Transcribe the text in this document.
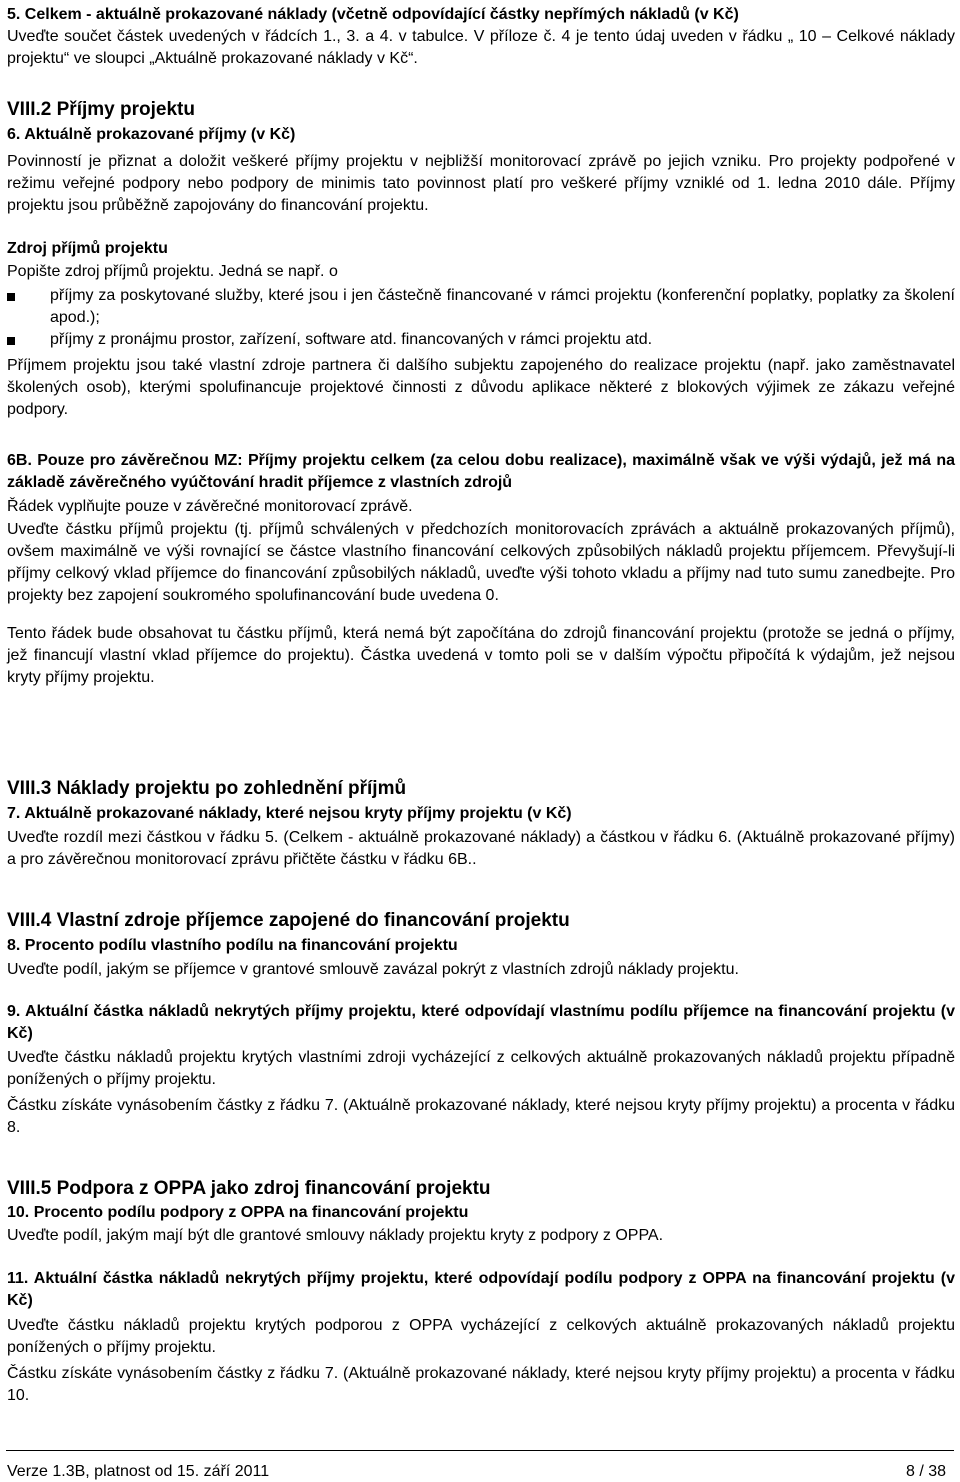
5. Celkem - aktuálně prokazované náklady (včetně odpovídající částky nepřímých nákladů (v Kč)

Uveďte součet částek uvedených v řádcích 1., 3. a 4. v tabulce. V příloze č. 4 je tento údaj uveden v řádku „ 10 – Celkové náklady projektu“ ve sloupci „Aktuálně prokazované náklady v Kč“.

VIII.2 Příjmy projektu

6. Aktuálně prokazované příjmy (v Kč)

Povinností je přiznat a doložit veškeré příjmy projektu v nejbližší monitorovací zprávě po jejich vzniku. Pro projekty podpořené v režimu veřejné podpory nebo podpory de minimis tato povinnost platí pro veškeré příjmy vzniklé od 1. ledna 2010 dále. Příjmy projektu jsou průběžně zapojovány do financování projektu.

Zdroj příjmů projektu

Popište zdroj příjmů projektu. Jedná se např. o

příjmy za poskytované služby, které jsou i jen částečně financované v rámci projektu (konferenční poplatky, poplatky za školení apod.);

příjmy z pronájmu prostor, zařízení, software atd. financovaných v rámci projektu atd.

Příjmem projektu jsou také vlastní zdroje partnera či dalšího subjektu zapojeného do realizace projektu (např. jako zaměstnavatel školených osob), kterými spolufinancuje projektové činnosti z důvodu aplikace některé z blokových výjimek ze zákazu veřejné podpory.

6B. Pouze pro závěrečnou MZ: Příjmy projektu celkem (za celou dobu realizace), maximálně však ve výši výdajů, jež má na základě závěrečného vyúčtování hradit příjemce z vlastních zdrojů

Řádek vyplňujte pouze v závěrečné monitorovací zprávě.

Uveďte částku příjmů projektu (tj. příjmů schválených v předchozích monitorovacích zprávách a aktuálně prokazovaných příjmů), ovšem maximálně ve výši rovnající se částce vlastního financování celkových způsobilých nákladů projektu příjemcem. Převyšují-li příjmy celkový vklad příjemce do financování způsobilých nákladů, uveďte výši tohoto vkladu a příjmy nad tuto sumu zanedbejte. Pro projekty bez zapojení soukromého spolufinancování bude uvedena 0.

Tento řádek bude obsahovat tu částku příjmů, která nemá být započítána do zdrojů financování projektu (protože se jedná o příjmy, jež financují vlastní vklad příjemce do projektu). Částka uvedená v tomto poli se v dalším výpočtu připočítá k výdajům, jež nejsou kryty příjmy projektu.

VIII.3 Náklady projektu po zohlednění příjmů

7. Aktuálně prokazované náklady, které nejsou kryty příjmy projektu (v Kč)

Uveďte rozdíl mezi částkou v řádku 5. (Celkem - aktuálně prokazované náklady) a částkou v řádku 6. (Aktuálně prokazované příjmy) a pro závěrečnou monitorovací zprávu přičtěte částku v řádku 6B..

VIII.4 Vlastní zdroje příjemce zapojené do financování projektu

8. Procento podílu vlastního podílu na financování projektu

Uveďte podíl, jakým se příjemce v grantové smlouvě zavázal pokrýt z vlastních zdrojů náklady projektu.

9. Aktuální částka nákladů nekrytých příjmy projektu, které odpovídají vlastnímu podílu příjemce na financování projektu (v Kč)

Uveďte částku nákladů projektu krytých vlastními zdroji vycházející z celkových aktuálně prokazovaných nákladů projektu případně ponížených o příjmy projektu.

Částku získáte vynásobením částky z řádku 7. (Aktuálně prokazované náklady, které nejsou kryty příjmy projektu) a procenta v řádku 8.

VIII.5 Podpora z OPPA jako zdroj financování projektu

10. Procento podílu podpory z OPPA na financování projektu

Uveďte podíl, jakým mají být dle grantové smlouvy náklady projektu kryty z podpory z OPPA.

11. Aktuální částka nákladů nekrytých příjmy projektu, které odpovídají podílu podpory z OPPA na financování projektu (v Kč)

Uveďte částku nákladů projektu krytých podporou z OPPA vycházející z celkových aktuálně prokazovaných nákladů projektu ponížených o příjmy projektu.

Částku získáte vynásobením částky z řádku 7. (Aktuálně prokazované náklady, které nejsou kryty příjmy projektu) a procenta v řádku 10.

Verze 1.3B, platnost od 15. září 2011	8 / 38
